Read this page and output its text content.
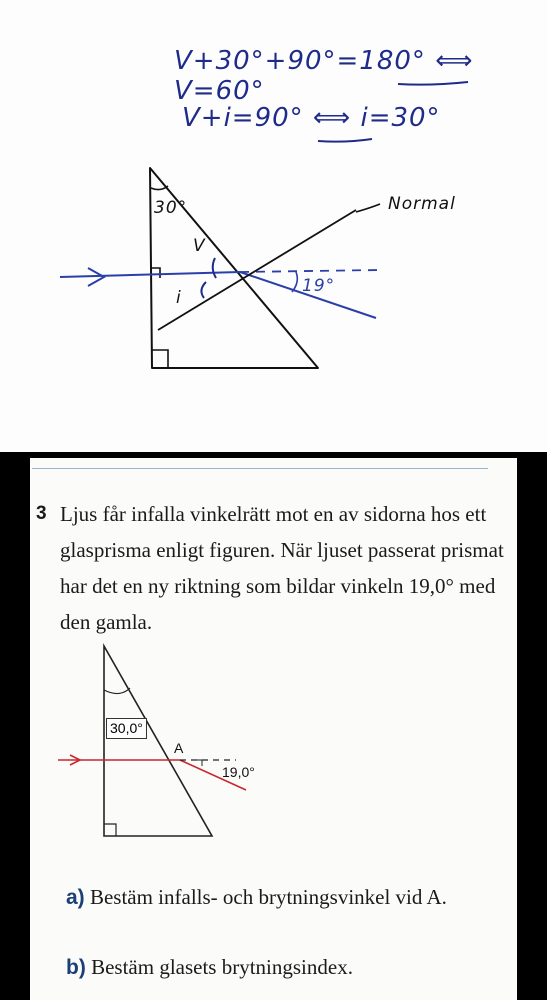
V+30°+90°=180° ⟺ V=60°
V+i=90° ⟺ i=30°
30°
V
i
Normal
19°
3 Ljus får infalla vinkelrätt mot en av sidorna hos ett glasprisma enligt figuren. När ljuset passerat prismat har det en ny riktning som bildar vinkeln 19,0° med den gamla.
30,0°
A
19,0°
a) Bestäm infalls- och brytningsvinkel vid A.
b) Bestäm glasets brytningsindex.
